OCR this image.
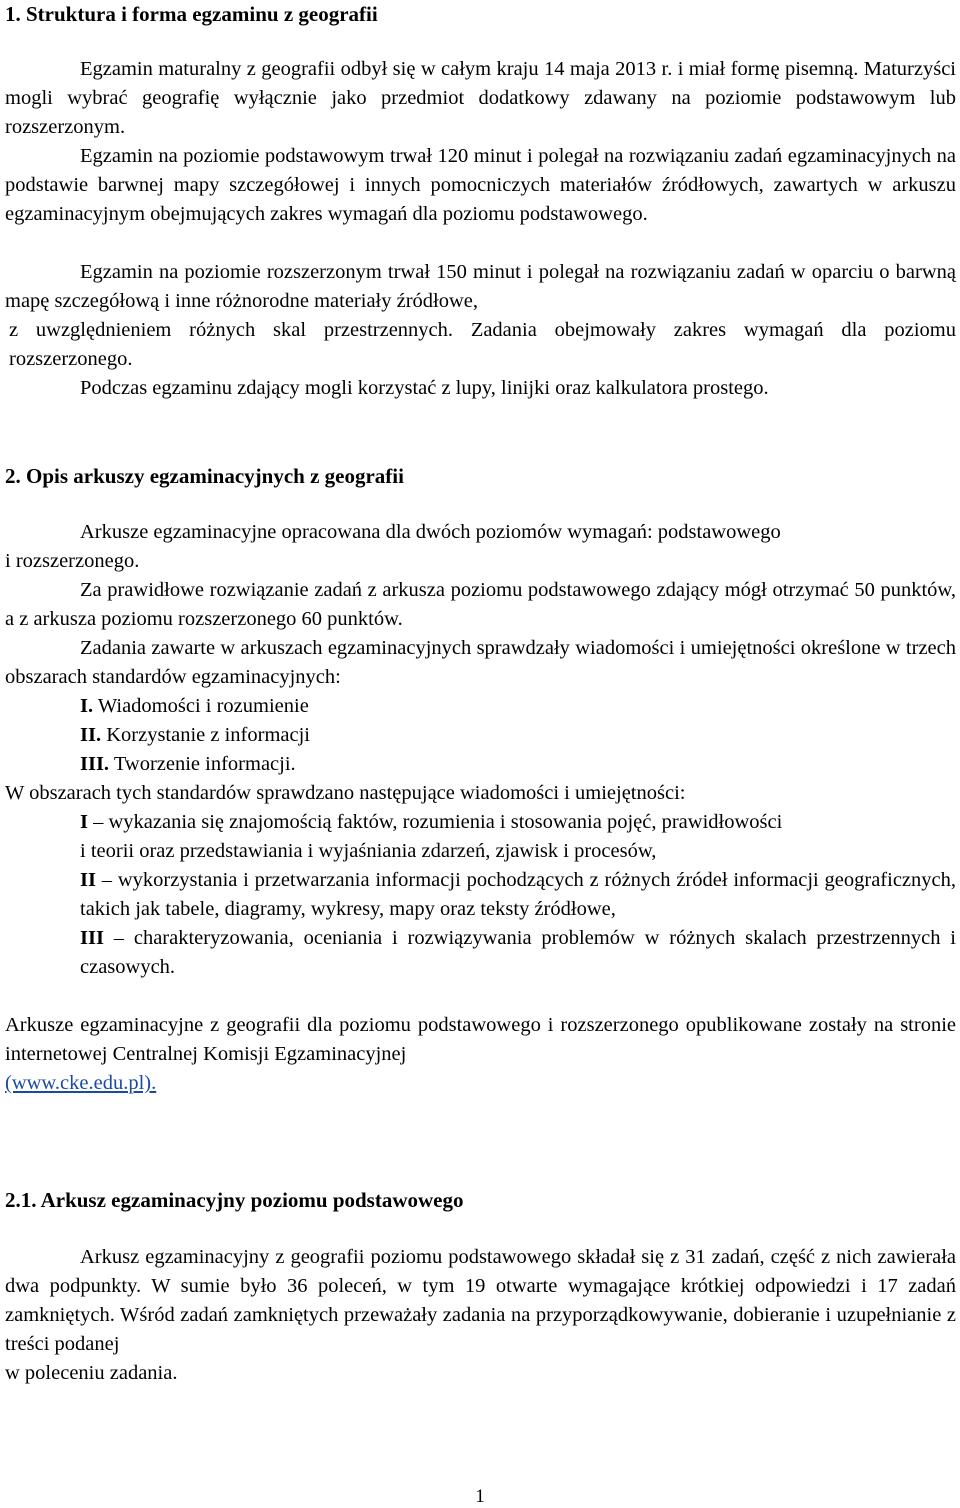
1. Struktura i forma egzaminu z geografii

Egzamin maturalny z geografii odbył się w całym kraju 14 maja 2013 r. i miał formę pisemną. Maturzyści mogli wybrać geografię wyłącznie jako przedmiot dodatkowy zdawany na poziomie podstawowym lub rozszerzonym.

Egzamin na poziomie podstawowym trwał 120 minut i polegał na rozwiązaniu zadań egzaminacyjnych na podstawie barwnej mapy szczegółowej i innych pomocniczych materiałów źródłowych, zawartych w arkuszu egzaminacyjnym obejmujących zakres wymagań dla poziomu podstawowego.

Egzamin na poziomie rozszerzonym trwał 150 minut i polegał na rozwiązaniu zadań w oparciu o barwną mapę szczegółową i inne różnorodne materiały źródłowe,

z uwzględnieniem różnych skal przestrzennych. Zadania obejmowały zakres wymagań dla poziomu rozszerzonego.

Podczas egzaminu zdający mogli korzystać z lupy, linijki oraz kalkulatora prostego.

2. Opis arkuszy egzaminacyjnych z geografii

Arkusze egzaminacyjne opracowana dla dwóch poziomów wymagań: podstawowego

i rozszerzonego.

Za prawidłowe rozwiązanie zadań z arkusza poziomu podstawowego zdający mógł otrzymać 50 punktów, a z arkusza poziomu rozszerzonego 60 punktów.

Zadania zawarte w arkuszach egzaminacyjnych sprawdzały wiadomości i umiejętności określone w trzech obszarach standardów egzaminacyjnych:

I. Wiadomości i rozumienie

II. Korzystanie z informacji

III. Tworzenie informacji.

W obszarach tych standardów sprawdzano następujące wiadomości i umiejętności:

I – wykazania się znajomością faktów, rozumienia i stosowania pojęć, prawidłowości

i teorii oraz przedstawiania i wyjaśniania zdarzeń, zjawisk i procesów,

II – wykorzystania i przetwarzania informacji pochodzących z różnych źródeł informacji geograficznych, takich jak tabele, diagramy, wykresy, mapy oraz teksty źródłowe,

III – charakteryzowania, oceniania i rozwiązywania problemów w różnych skalach przestrzennych i czasowych.

Arkusze egzaminacyjne z geografii dla poziomu podstawowego i rozszerzonego opublikowane zostały na stronie internetowej Centralnej Komisji Egzaminacyjnej

(www.cke.edu.pl).

2.1. Arkusz egzaminacyjny poziomu podstawowego

Arkusz egzaminacyjny z geografii poziomu podstawowego składał się z 31 zadań, część z nich zawierała dwa podpunkty. W sumie było 36 poleceń, w tym 19 otwarte wymagające krótkiej odpowiedzi i 17 zadań zamkniętych. Wśród zadań zamkniętych przeważały zadania na przyporządkowywanie, dobieranie i uzupełnianie z treści podanej

w poleceniu zadania.

1
